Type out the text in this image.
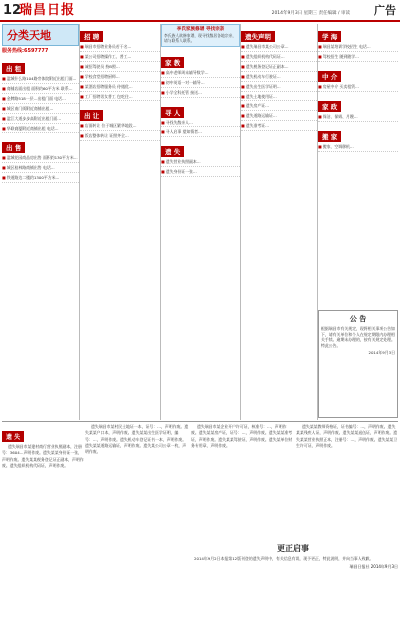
12
瑞昌日报	2014年9月3日 星期三 责任编辑 / 审读 广告
分类天地
服务热线:6597777
出 租
■ 湓城什么路104路旁体院附近出租门面…
■ 商铺店面出租 面积约60平方米 联系…
■ 金牌路518一层…出租门面 电话…
■ 城区南门街附近商铺出租…
■ 湓江大道步步高附近出租门面…
■ 华联商厦附近商铺出租 电话…
出 售
■ 湓城花园商品房出售 面积约130平方米…
■ 城区桂林路商铺出售 电话…
■ 铁道路边二楼约1300平方米…
招 聘
■ 瑞昌市招聘业务员若干名…
■ 某公司招聘操作工、普工…
■ 诚招驾驶员 持B照…
■ 学校食堂招聘厨师…
■ 某酒店招聘服务员 待遇优…
■ 工厂招聘男女普工 包吃住…
出 让
■ 店面转让 位于城区繁华地段…
■ 饭店整体转让 证照齐全…
李氏家族修谱 寻找宗亲
李氏族人欲修家谱，现寻找散居各地宗亲，请与联系人联系。
家 教
■ 高中老师周末辅导数学…
■ 初中英语一对一辅导…
■ 小学全科托管 接送…
寻 人
■ 寻找失散亲人…
■ 寻人启事 望知情者…
遗 失
■ 遗失营业执照副本…
■ 遗失身份证一张…
遗失声明
■ 遗失瑞昌市某公司公章…
■ 遗失组织机构代码证…
■ 遗失税务登记证正副本…
■ 遗失机动车行驶证…
■ 遗失出生医学证明…
■ 遗失土地使用证…
■ 遗失房产证…
■ 遗失道路运输证…
■ 遗失准考证…
学 海
■ 瑞昌某培训学校招生 电话…
■ 驾校招生 随到随学…
中 介
■ 房屋中介 买卖租赁…
家 政
■ 保洁、保姆、月嫂…
搬 家
■ 搬家、空调移机…
公 告
根据瑞昌市有关规定，现将相关事项公告如下，请有关单位和个人在规定期限内办理相关手续。逾期未办理的，按有关规定处理。特此公告。
2014年9月3日
遗 失
遗失瑞昌市某建材商行营业执照副本，注册号：3604…声明作废。遗失某某身份证一张，声明作废。遗失某某税务登记证正副本，声明作废。遗失组织机构代码证，声明作废。
遗失瑞昌市某村民土地证一本，证号：…，声明作废。遗失某某户口本，声明作废。遗失某某出生医学证明，编号：…，声明作废。遗失机动车登记证书一本，声明作废。遗失某某道路运输证，声明作废。遗失某公司公章一枚，声明作废。
遗失瑞昌市某企业开户许可证，核准号：…，声明作废。遗失某某房产证，证号：…，声明作废。遗失某某准考证，声明作废。遗失某某驾驶证，声明作废。遗失某单位财务专用章，声明作废。
遗失某某教师资格证，证书编号：…，声明作废。遗失某某残疾人证，声明作废。遗失某某退伍证，声明作废。遗失某某营业执照正本，注册号：…，声明作废。遗失某某卫生许可证，声明作废。
更正启事
2014年9月2日本报第12版刊登的遗失声明中，有关信息有误，现予更正，特此说明，并向当事人致歉。
瑞昌日报社 2014年9月3日
